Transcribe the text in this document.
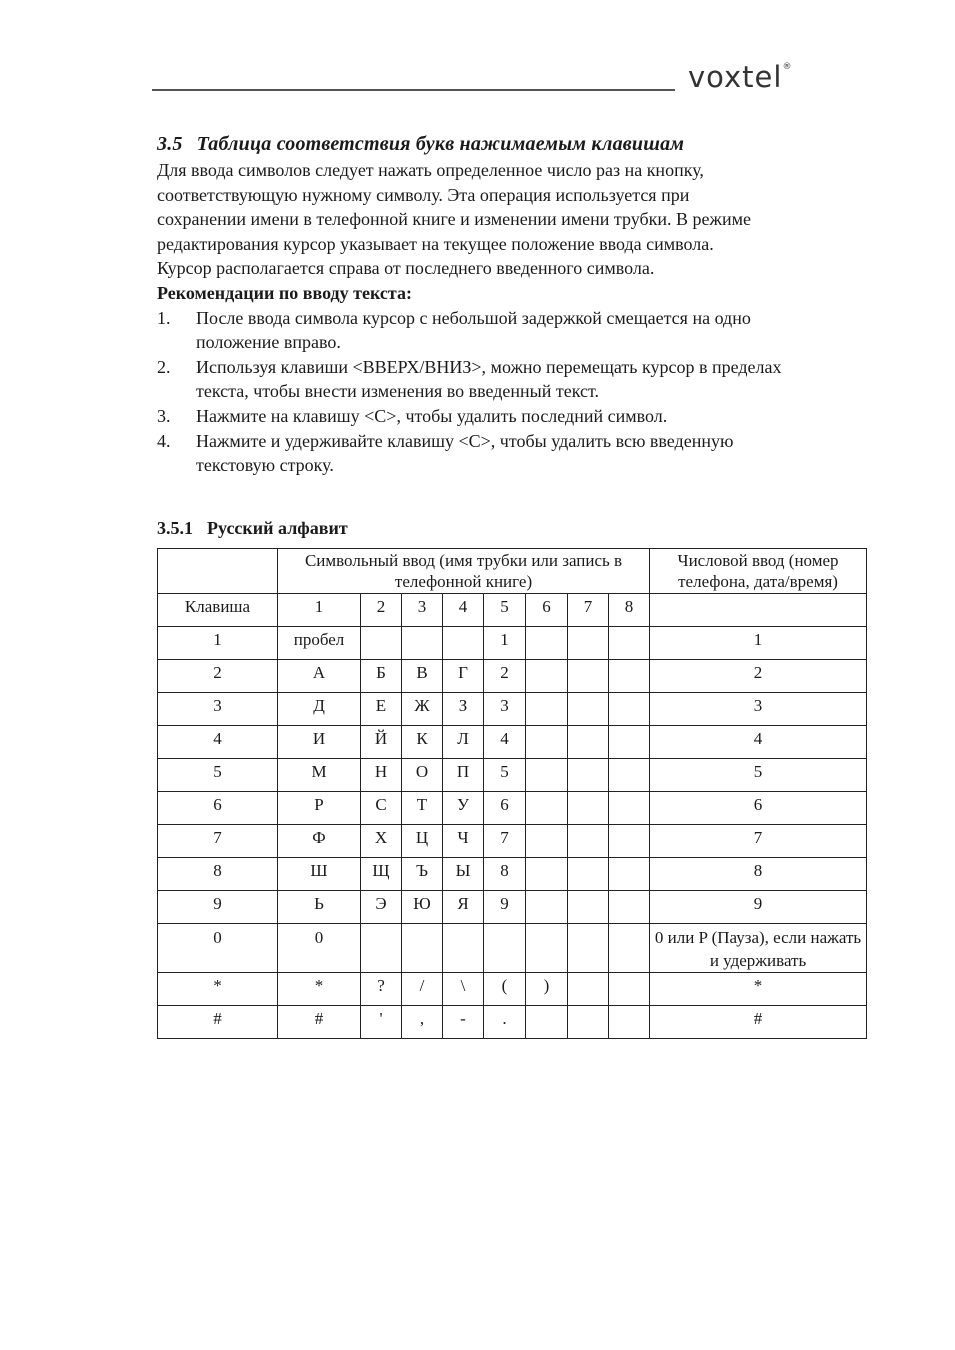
voxtel®
3.5 Таблица соответствия букв нажимаемым клавишам
Для ввода символов следует нажать определенное число раз на кнопку,
соответствующую нужному символу. Эта операция используется при
сохранении имени в телефонной книге и изменении имени трубки. В режиме
редактирования курсор указывает на текущее положение ввода символа.
Курсор располагается справа от последнего введенного символа.

Рекомендации по вводу текста:

1. После ввода символа курсор с небольшой задержкой смещается на одно
положение вправо.
2. Используя клавиши <ВВЕРХ/ВНИЗ>, можно перемещать курсор в пределах
текста, чтобы внести изменения во введенный текст.
3. Нажмите на клавишу <С>, чтобы удалить последний символ.
4. Нажмите и удерживайте клавишу <С>, чтобы удалить всю введенную
текстовую строку.
3.5.1 Русский алфавит
	Символьный ввод (имя трубки или запись в телефонной книге)								Числовой ввод (номер телефона, дата/время)
Клавиша	1	2	3	4	5	6	7	8	
1	пробел				1				1
2	А	Б	В	Г	2				2
3	Д	Е	Ж	З	3				3
4	И	Й	К	Л	4				4
5	М	Н	О	П	5				5
6	Р	С	Т	У	6				6
7	Ф	Х	Ц	Ч	7				7
8	Ш	Щ	Ъ	Ы	8				8
9	Ь	Э	Ю	Я	9				9
0	0								0 или P (Пауза), если нажать и удерживать
*	*	?	/	\	(	)			*
#	#	'	,	-	.				#
